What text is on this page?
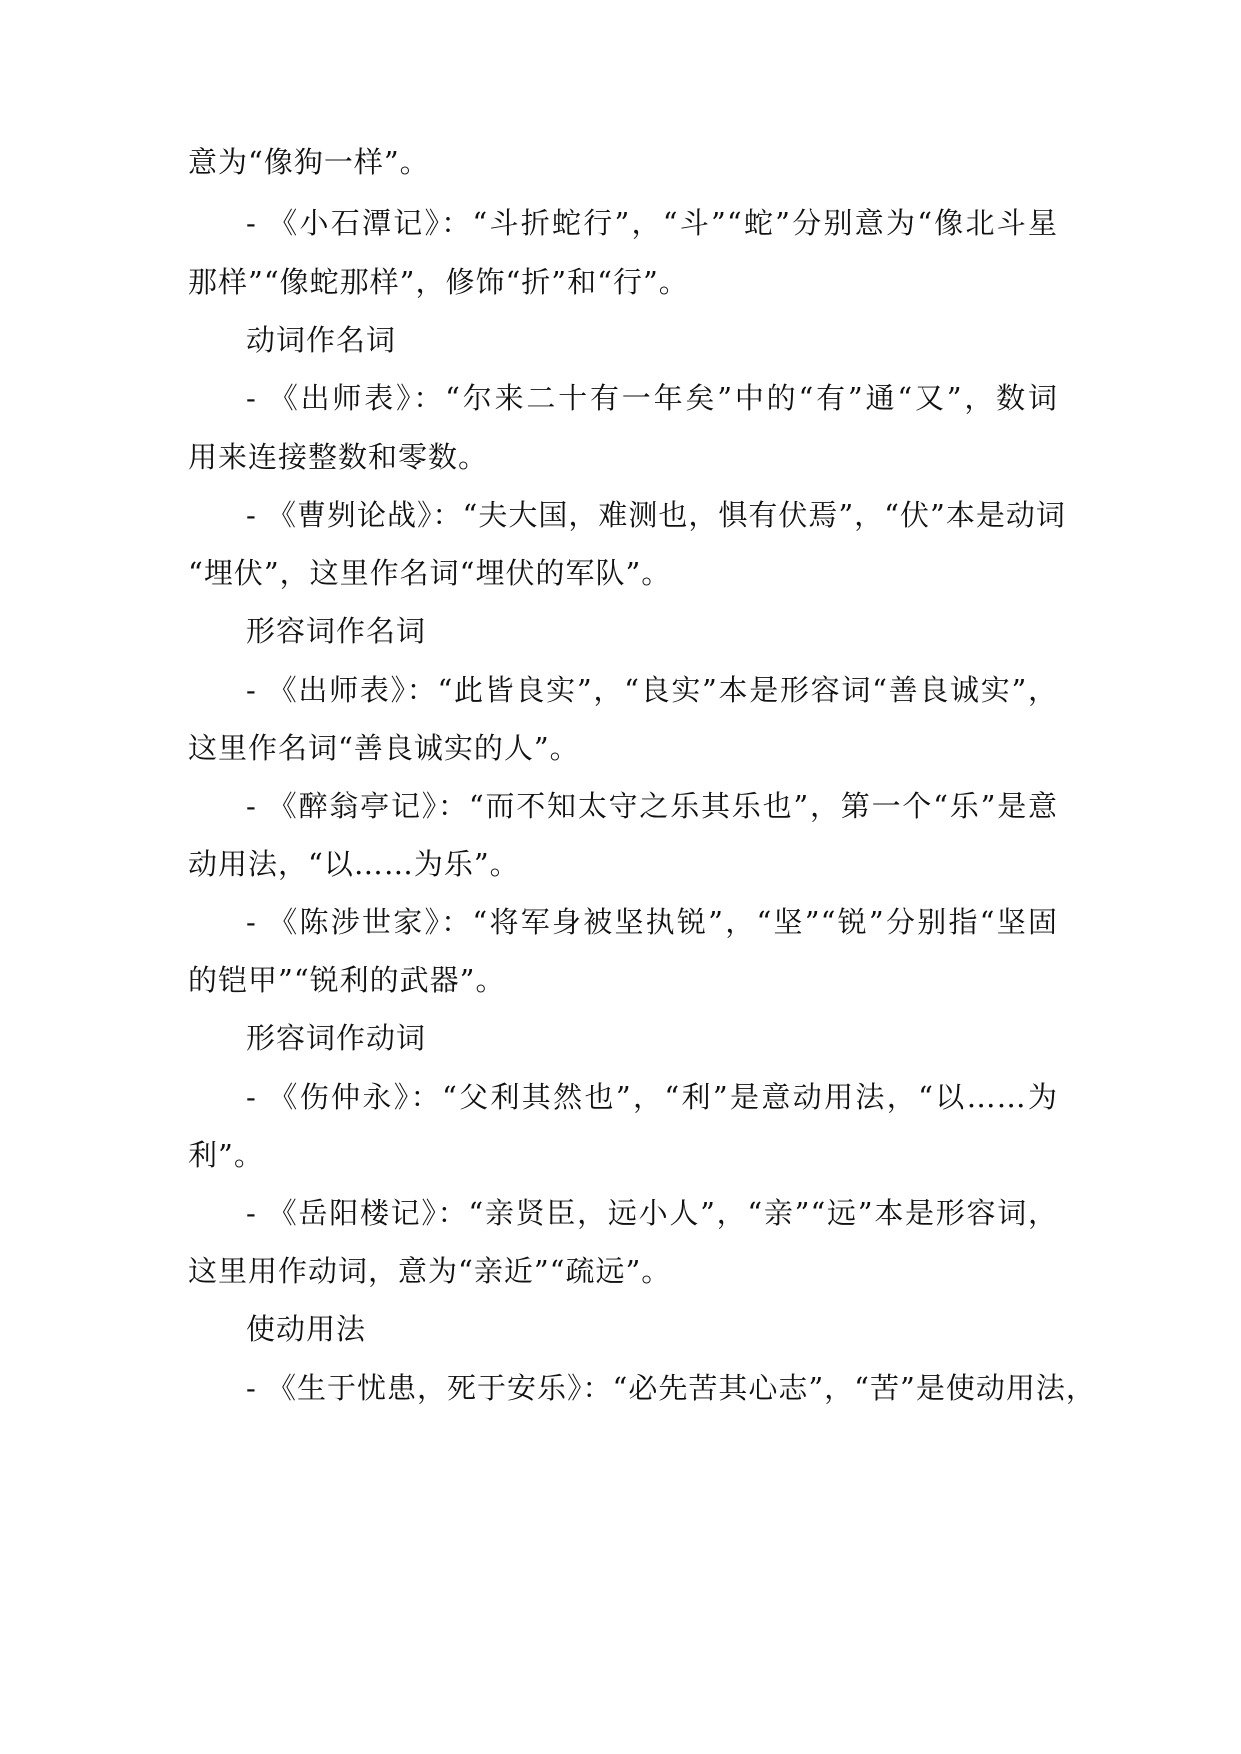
意为“像狗一样”。
- 《小石潭记》：“斗折蛇行”，“斗”“蛇”分别意为“像北斗星
那样”“像蛇那样”，修饰“折”和“行”。
动词作名词
- 《出师表》：“尔来二十有一年矣”中的“有”通“又”，数词
用来连接整数和零数。
- 《曹刿论战》：“夫大国，难测也，惧有伏焉”，“伏”本是动词
“埋伏”，这里作名词“埋伏的军队”。
形容词作名词
- 《出师表》：“此皆良实”，“良实”本是形容词“善良诚实”，
这里作名词“善良诚实的人”。
- 《醉翁亭记》：“而不知太守之乐其乐也”，第一个“乐”是意
动用法，“以……为乐”。
- 《陈涉世家》：“将军身被坚执锐”，“坚”“锐”分别指“坚固
的铠甲”“锐利的武器”。
形容词作动词
- 《伤仲永》：“父利其然也”，“利”是意动用法，“以……为
利”。
- 《岳阳楼记》：“亲贤臣，远小人”，“亲”“远”本是形容词，
这里用作动词，意为“亲近”“疏远”。
使动用法
- 《生于忧患，死于安乐》：“必先苦其心志”，“苦”是使动用法，
